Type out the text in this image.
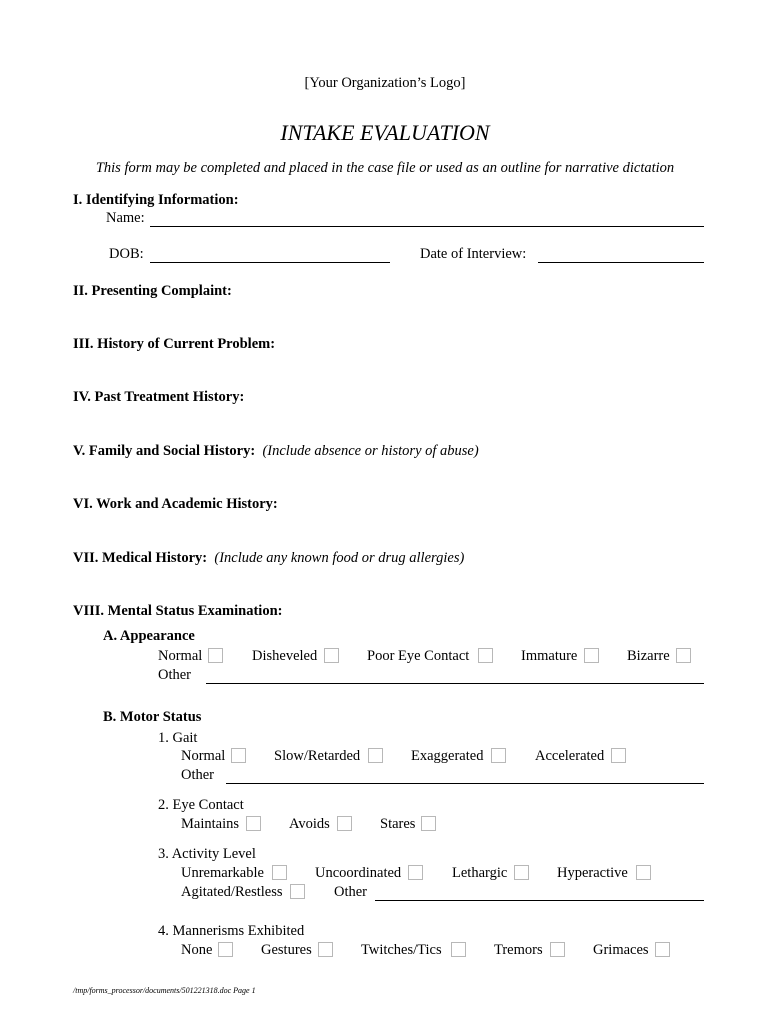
[Your Organization’s Logo]
INTAKE EVALUATION
This form may be completed and placed in the case file or used as an outline for narrative dictation
I. Identifying Information:
Name:
DOB:	Date of Interview:
II. Presenting Complaint:
III. History of Current Problem:
IV. Past Treatment History:
V. Family and Social History: (Include absence or history of abuse)
VI. Work and Academic History:
VII. Medical History: (Include any known food or drug allergies)
VIII. Mental Status Examination:
A. Appearance
Normal	Disheveled	Poor Eye Contact	Immature	Bizarre
Other
B. Motor Status
1. Gait
Normal	Slow/Retarded	Exaggerated	Accelerated
Other
2. Eye Contact
Maintains	Avoids	Stares
3. Activity Level
Unremarkable	Uncoordinated	Lethargic	Hyperactive
Agitated/Restless	Other
4. Mannerisms Exhibited
None	Gestures	Twitches/Tics	Tremors	Grimaces
/tmp/forms_processor/documents/501221318.doc Page 1
